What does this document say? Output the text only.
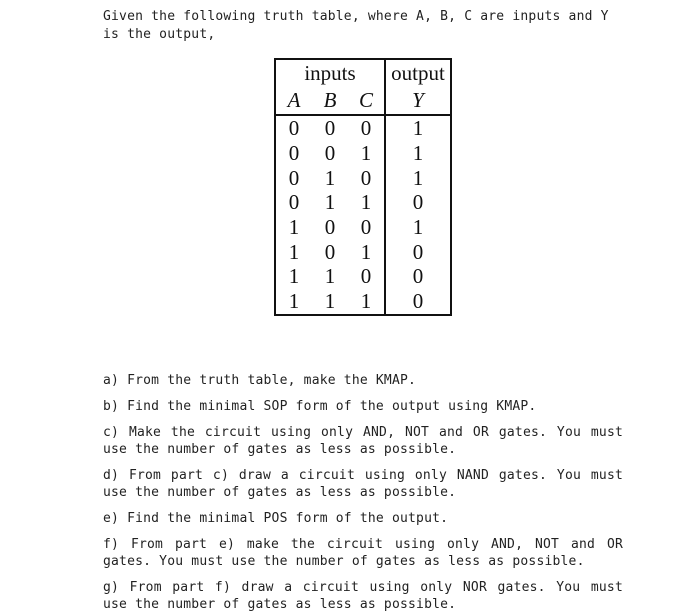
Given the following truth table, where A, B, C are inputs and Y is the output,

inputs			output
A	B	C	Y
0	0	0	1
0	0	1	1
0	1	0	1
0	1	1	0
1	0	0	1
1	0	1	0
1	1	0	0
1	1	1	0
a) From the truth table, make the KMAP.
b) Find the minimal SOP form of the output using KMAP.
c) Make the circuit using only AND, NOT and OR gates. You must use the number of gates as less as possible.
d) From part c) draw a circuit using only NAND gates. You must use the number of gates as less as possible.
e) Find the minimal POS form of the output.
f) From part e) make the circuit using only AND, NOT and OR gates. You must use the number of gates as less as possible.
g) From part f) draw a circuit using only NOR gates. You must use the number of gates as less as possible.
